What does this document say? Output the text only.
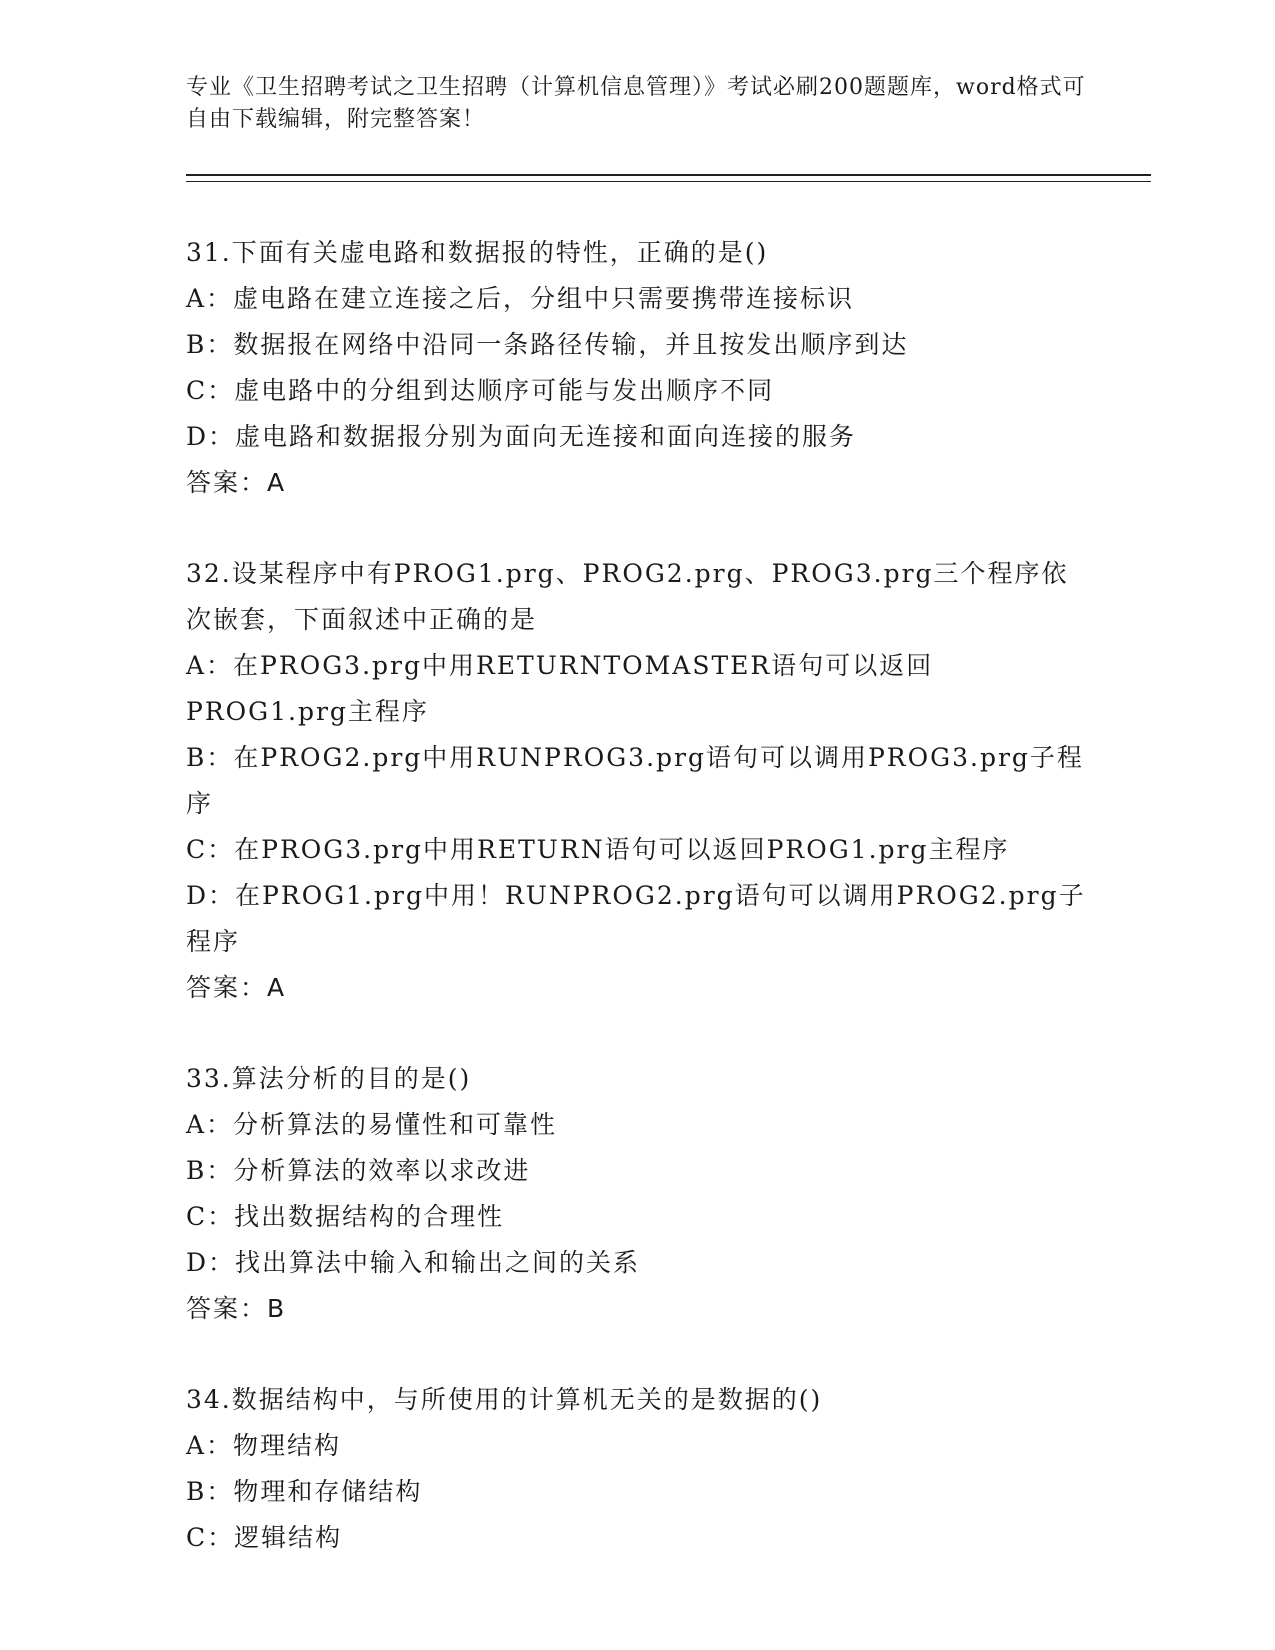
专业《卫生招聘考试之卫生招聘（计算机信息管理）》考试必刷200题题库，word格式可自由下载编辑，附完整答案！
31.下面有关虚电路和数据报的特性，正确的是()
A：虚电路在建立连接之后，分组中只需要携带连接标识
B：数据报在网络中沿同一条路径传输，并且按发出顺序到达
C：虚电路中的分组到达顺序可能与发出顺序不同
D：虚电路和数据报分别为面向无连接和面向连接的服务
答案：A
32.设某程序中有PROG1.prg、PROG2.prg、PROG3.prg三个程序依次嵌套，下面叙述中正确的是
A：在PROG3.prg中用RETURNTOMASTER语句可以返回PROG1.prg主程序
B：在PROG2.prg中用RUNPROG3.prg语句可以调用PROG3.prg子程序
C：在PROG3.prg中用RETURN语句可以返回PROG1.prg主程序
D：在PROG1.prg中用！RUNPROG2.prg语句可以调用PROG2.prg子程序
答案：A
33.算法分析的目的是()
A：分析算法的易懂性和可靠性
B：分析算法的效率以求改进
C：找出数据结构的合理性
D：找出算法中输入和输出之间的关系
答案：B
34.数据结构中，与所使用的计算机无关的是数据的()
A：物理结构
B：物理和存储结构
C：逻辑结构
